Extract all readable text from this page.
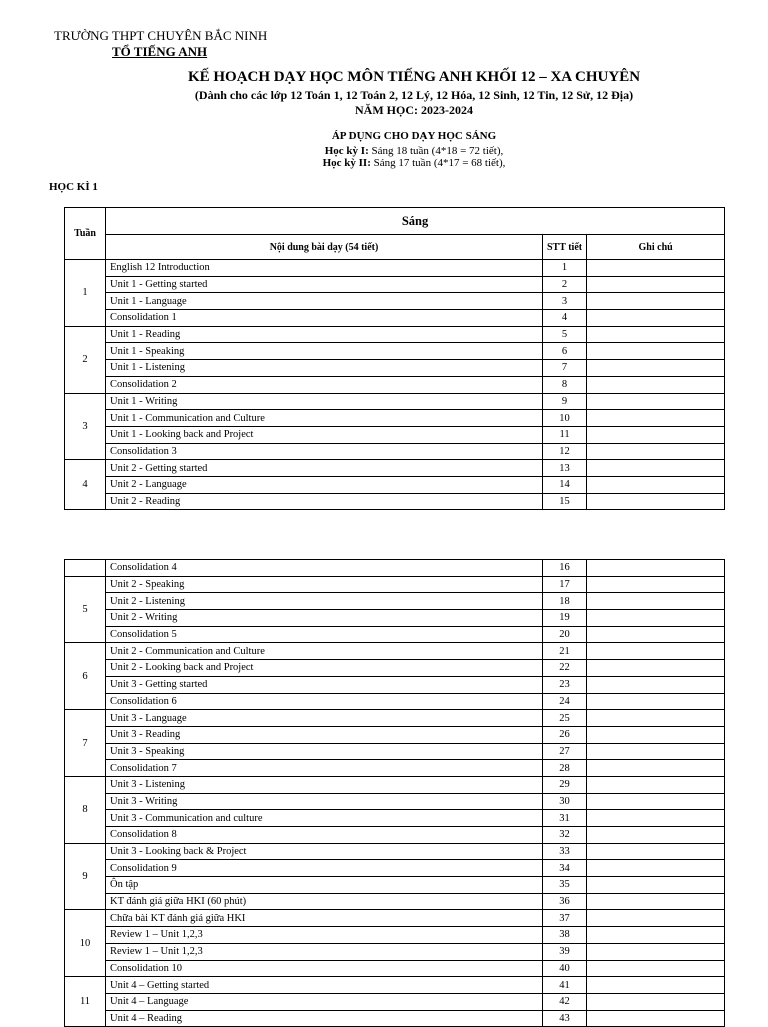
TRƯỜNG THPT CHUYÊN BẮC NINH
TỔ TIẾNG ANH
KẾ HOẠCH DẠY HỌC MÔN TIẾNG ANH KHỐI 12 – XA CHUYÊN
(Dành cho các lớp 12 Toán 1, 12 Toán 2, 12 Lý, 12 Hóa, 12 Sinh, 12 Tin, 12 Sử, 12 Địa)
NĂM HỌC: 2023-2024
ÁP DỤNG CHO DẠY HỌC SÁNG
Học kỳ I: Sáng 18 tuần (4*18 = 72 tiết),
Học kỳ II: Sáng 17 tuần (4*17 = 68 tiết),
HỌC KÌ 1
Tuần	Sáng		
	Nội dung bài dạy (54 tiết)	STT tiết	Ghi chú
1	English 12 Introduction	1	
	Unit 1 - Getting started	2	
	Unit 1 - Language	3	
	Consolidation 1	4	
2	Unit 1 - Reading	5	
	Unit 1 - Speaking	6	
	Unit 1 - Listening	7	
	Consolidation 2	8	
3	Unit 1 - Writing	9	
	Unit 1 - Communication and Culture	10	
	Unit 1 - Looking back and Project	11	
	Consolidation 3	12	
4	Unit 2 - Getting started	13	
	Unit 2 - Language	14	
	Unit 2 - Reading	15	
	Consolidation 4	16	
5	Unit 2 - Speaking	17	
	Unit 2 - Listening	18	
	Unit 2 - Writing	19	
	Consolidation 5	20	
6	Unit 2 - Communication and Culture	21	
	Unit 2 - Looking back and Project	22	
	Unit 3 - Getting started	23	
	Consolidation 6	24	
7	Unit 3 - Language	25	
	Unit 3 - Reading	26	
	Unit 3 - Speaking	27	
	Consolidation 7	28	
8	Unit 3 - Listening	29	
	Unit 3 - Writing	30	
	Unit 3 - Communication and culture	31	
	Consolidation 8	32	
9	Unit 3 - Looking back & Project	33	
	Consolidation 9	34	
	Ôn tập	35	
	KT đánh giá giữa HKI (60 phút)	36	
10	Chữa bài KT đánh giá giữa HKI	37	
	Review 1 – Unit 1,2,3	38	
	Review 1 – Unit 1,2,3	39	
	Consolidation 10	40	
11	Unit 4 – Getting started	41	
	Unit 4 – Language	42	
	Unit 4 – Reading	43	
